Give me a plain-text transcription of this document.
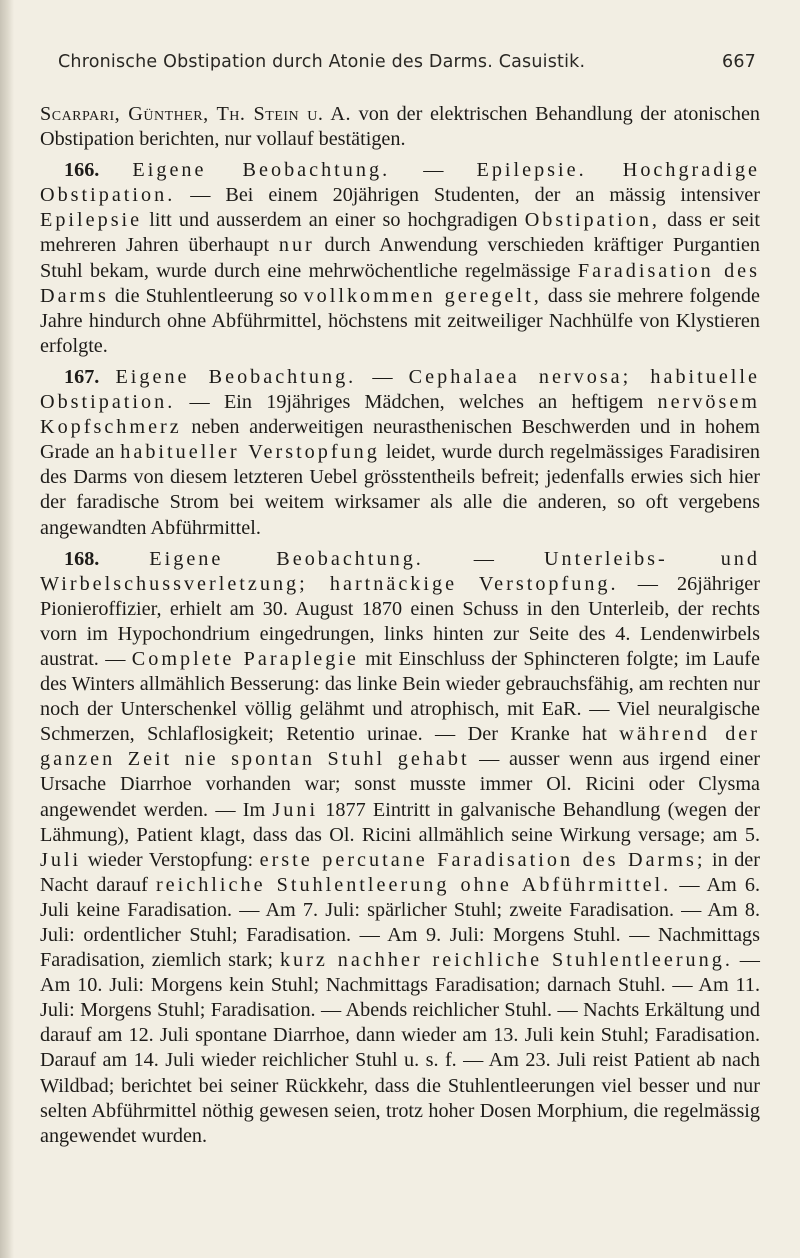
Chronische Obstipation durch Atonie des Darms. Casuistik.	667

Scarpari, Günther, Th. Stein u. A. von der elektrischen Behandlung der atonischen Obstipation berichten, nur vollauf bestätigen.

166. Eigene Beobachtung. — Epilepsie. Hochgradige Obstipation. — Bei einem 20jährigen Studenten, der an mässig intensiver Epilepsie litt und ausserdem an einer so hochgradigen Obstipation, dass er seit mehreren Jahren überhaupt nur durch Anwendung verschieden kräftiger Purgantien Stuhl bekam, wurde durch eine mehrwöchentliche regelmässige Faradisation des Darms die Stuhlentleerung so vollkommen geregelt, dass sie mehrere folgende Jahre hindurch ohne Abführmittel, höchstens mit zeitweiliger Nachhülfe von Klystieren erfolgte.

167. Eigene Beobachtung. — Cephalaea nervosa; habituelle Obstipation. — Ein 19jähriges Mädchen, welches an heftigem nervösem Kopfschmerz neben anderweitigen neurasthenischen Beschwerden und in hohem Grade an habitueller Verstopfung leidet, wurde durch regelmässiges Faradisiren des Darms von diesem letzteren Uebel grösstentheils befreit; jedenfalls erwies sich hier der faradische Strom bei weitem wirksamer als alle die anderen, so oft vergebens angewandten Abführmittel.

168. Eigene Beobachtung. — Unterleibs- und Wirbelschussverletzung; hartnäckige Verstopfung. — 26jähriger Pionieroffizier, erhielt am 30. August 1870 einen Schuss in den Unterleib, der rechts vorn im Hypochondrium eingedrungen, links hinten zur Seite des 4. Lendenwirbels austrat. — Complete Paraplegie mit Einschluss der Sphincteren folgte; im Laufe des Winters allmählich Besserung: das linke Bein wieder gebrauchsfähig, am rechten nur noch der Unterschenkel völlig gelähmt und atrophisch, mit EaR. — Viel neuralgische Schmerzen, Schlaflosigkeit; Retentio urinae. — Der Kranke hat während der ganzen Zeit nie spontan Stuhl gehabt — ausser wenn aus irgend einer Ursache Diarrhoe vorhanden war; sonst musste immer Ol. Ricini oder Clysma angewendet werden. — Im Juni 1877 Eintritt in galvanische Behandlung (wegen der Lähmung), Patient klagt, dass das Ol. Ricini allmählich seine Wirkung versage; am 5. Juli wieder Verstopfung: erste percutane Faradisation des Darms; in der Nacht darauf reichliche Stuhlentleerung ohne Abführmittel. — Am 6. Juli keine Faradisation. — Am 7. Juli: spärlicher Stuhl; zweite Faradisation. — Am 8. Juli: ordentlicher Stuhl; Faradisation. — Am 9. Juli: Morgens Stuhl. — Nachmittags Faradisation, ziemlich stark; kurz nachher reichliche Stuhlentleerung. — Am 10. Juli: Morgens kein Stuhl; Nachmittags Faradisation; darnach Stuhl. — Am 11. Juli: Morgens Stuhl; Faradisation. — Abends reichlicher Stuhl. — Nachts Erkältung und darauf am 12. Juli spontane Diarrhoe, dann wieder am 13. Juli kein Stuhl; Faradisation. Darauf am 14. Juli wieder reichlicher Stuhl u. s. f. — Am 23. Juli reist Patient ab nach Wildbad; berichtet bei seiner Rückkehr, dass die Stuhlentleerungen viel besser und nur selten Abführmittel nöthig gewesen seien, trotz hoher Dosen Morphium, die regelmässig angewendet wurden.
